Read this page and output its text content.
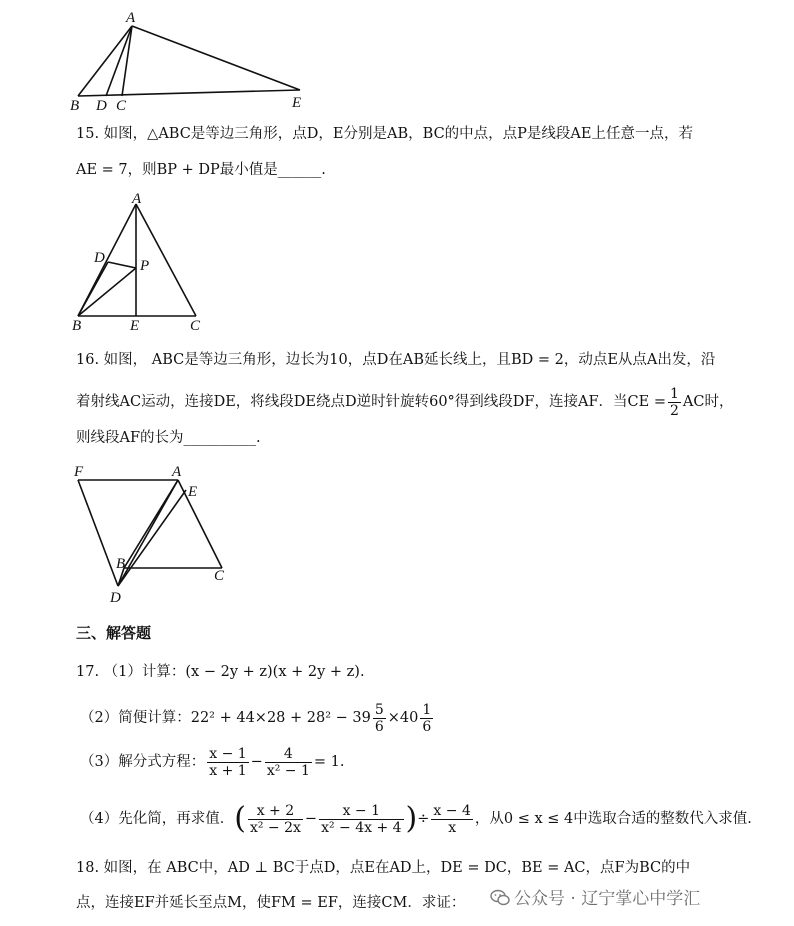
A
B D C	E
15. 如图，△ABC是等边三角形，点D，E分别是AB，BC的中点，点P是线段AE上任意一点，若
AE = 7，则BP + DP最小值是______.
A
D P
B	E	C
16. 如图， ABC是等边三角形，边长为10，点D在AB延长线上，且BD = 2，动点E从点A出发，沿
着射线AC运动，连接DE，将线段DE绕点D逆时针旋转60°得到线段DF，连接AF．当CE = $\frac{1}{2}$ AC时，
则线段AF的长为__________.
F	A
E
B
C
D
三、解答题
17. （1）计算：(x − 2y + z)(x + 2y + z).
（2）简便计算：$22^2 + 44\times 28 + 28^2 - 39 \frac{5}{6} \times 40 \frac{1}{6}$
（3）解分式方程： $\frac{x - 1}{x + 1} - \frac{4}{\text{x² − 1}} = 1$.
（4）先化简，再求值． ( $\frac{x + 2}{\text{x² − 2x}} - \frac{x - 1}{\text{x² − 4x + 4}}$ ) ÷ $\frac{x - 4}{x}$ ，从0 ≤ x ≤ 4中选取合适的整数代入求值.
18. 如图，在 ABC中，AD ⊥ BC于点D，点E在AD上，DE = DC，BE = AC，点F为BC的中
点，连接EF并延长至点M，使FM = EF，连接CM．求证：	公众号 · 辽宁掌心中学汇
